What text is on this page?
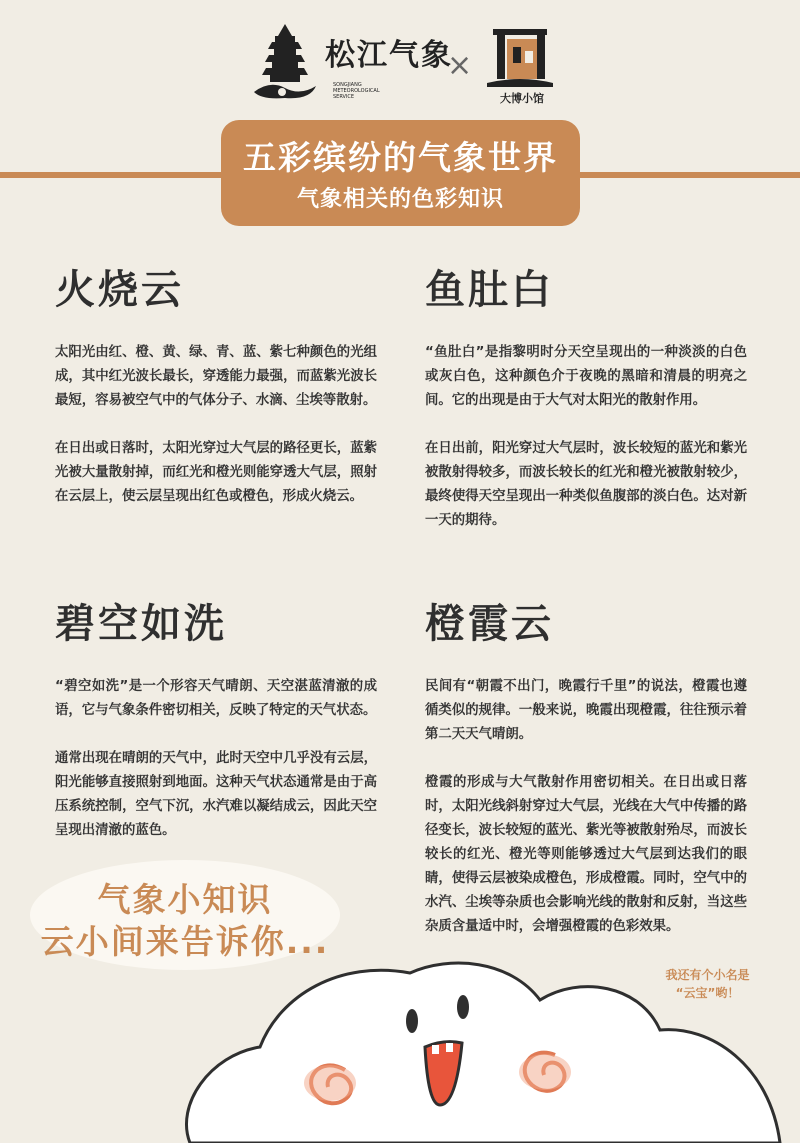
松江气象
SONGJIANG METEOROLOGICAL SERVICE
×
大博小馆
五彩缤纷的气象世界
气象相关的色彩知识
火烧云

太阳光由红、橙、黄、绿、青、蓝、紫七种颜色的光组成，其中红光波长最长，穿透能力最强，而蓝紫光波长最短，容易被空气中的气体分子、水滴、尘埃等散射。

在日出或日落时，太阳光穿过大气层的路径更长，蓝紫光被大量散射掉，而红光和橙光则能穿透大气层，照射在云层上，使云层呈现出红色或橙色，形成火烧云。

鱼肚白

“鱼肚白”是指黎明时分天空呈现出的一种淡淡的白色或灰白色，这种颜色介于夜晚的黑暗和清晨的明亮之间。它的出现是由于大气对太阳光的散射作用。

在日出前，阳光穿过大气层时，波长较短的蓝光和紫光被散射得较多，而波长较长的红光和橙光被散射较少，最终使得天空呈现出一种类似鱼腹部的淡白色。达对新一天的期待。

碧空如洗

“碧空如洗”是一个形容天气晴朗、天空湛蓝清澈的成语，它与气象条件密切相关，反映了特定的天气状态。

通常出现在晴朗的天气中，此时天空中几乎没有云层，阳光能够直接照射到地面。这种天气状态通常是由于高压系统控制，空气下沉，水汽难以凝结成云，因此天空呈现出清澈的蓝色。

橙霞云

民间有“朝霞不出门，晚霞行千里”的说法，橙霞也遵循类似的规律。一般来说，晚霞出现橙霞，往往预示着第二天天气晴朗。

橙霞的形成与大气散射作用密切相关。在日出或日落时，太阳光线斜射穿过大气层，光线在大气中传播的路径变长，波长较短的蓝光、紫光等被散射殆尽，而波长较长的红光、橙光等则能够透过大气层到达我们的眼睛，使得云层被染成橙色，形成橙霞。同时，空气中的水汽、尘埃等杂质也会影响光线的散射和反射，当这些杂质含量适中时，会增强橙霞的色彩效果。

气象小知识
云小间来告诉你...
我还有个小名是
“云宝”哟！
